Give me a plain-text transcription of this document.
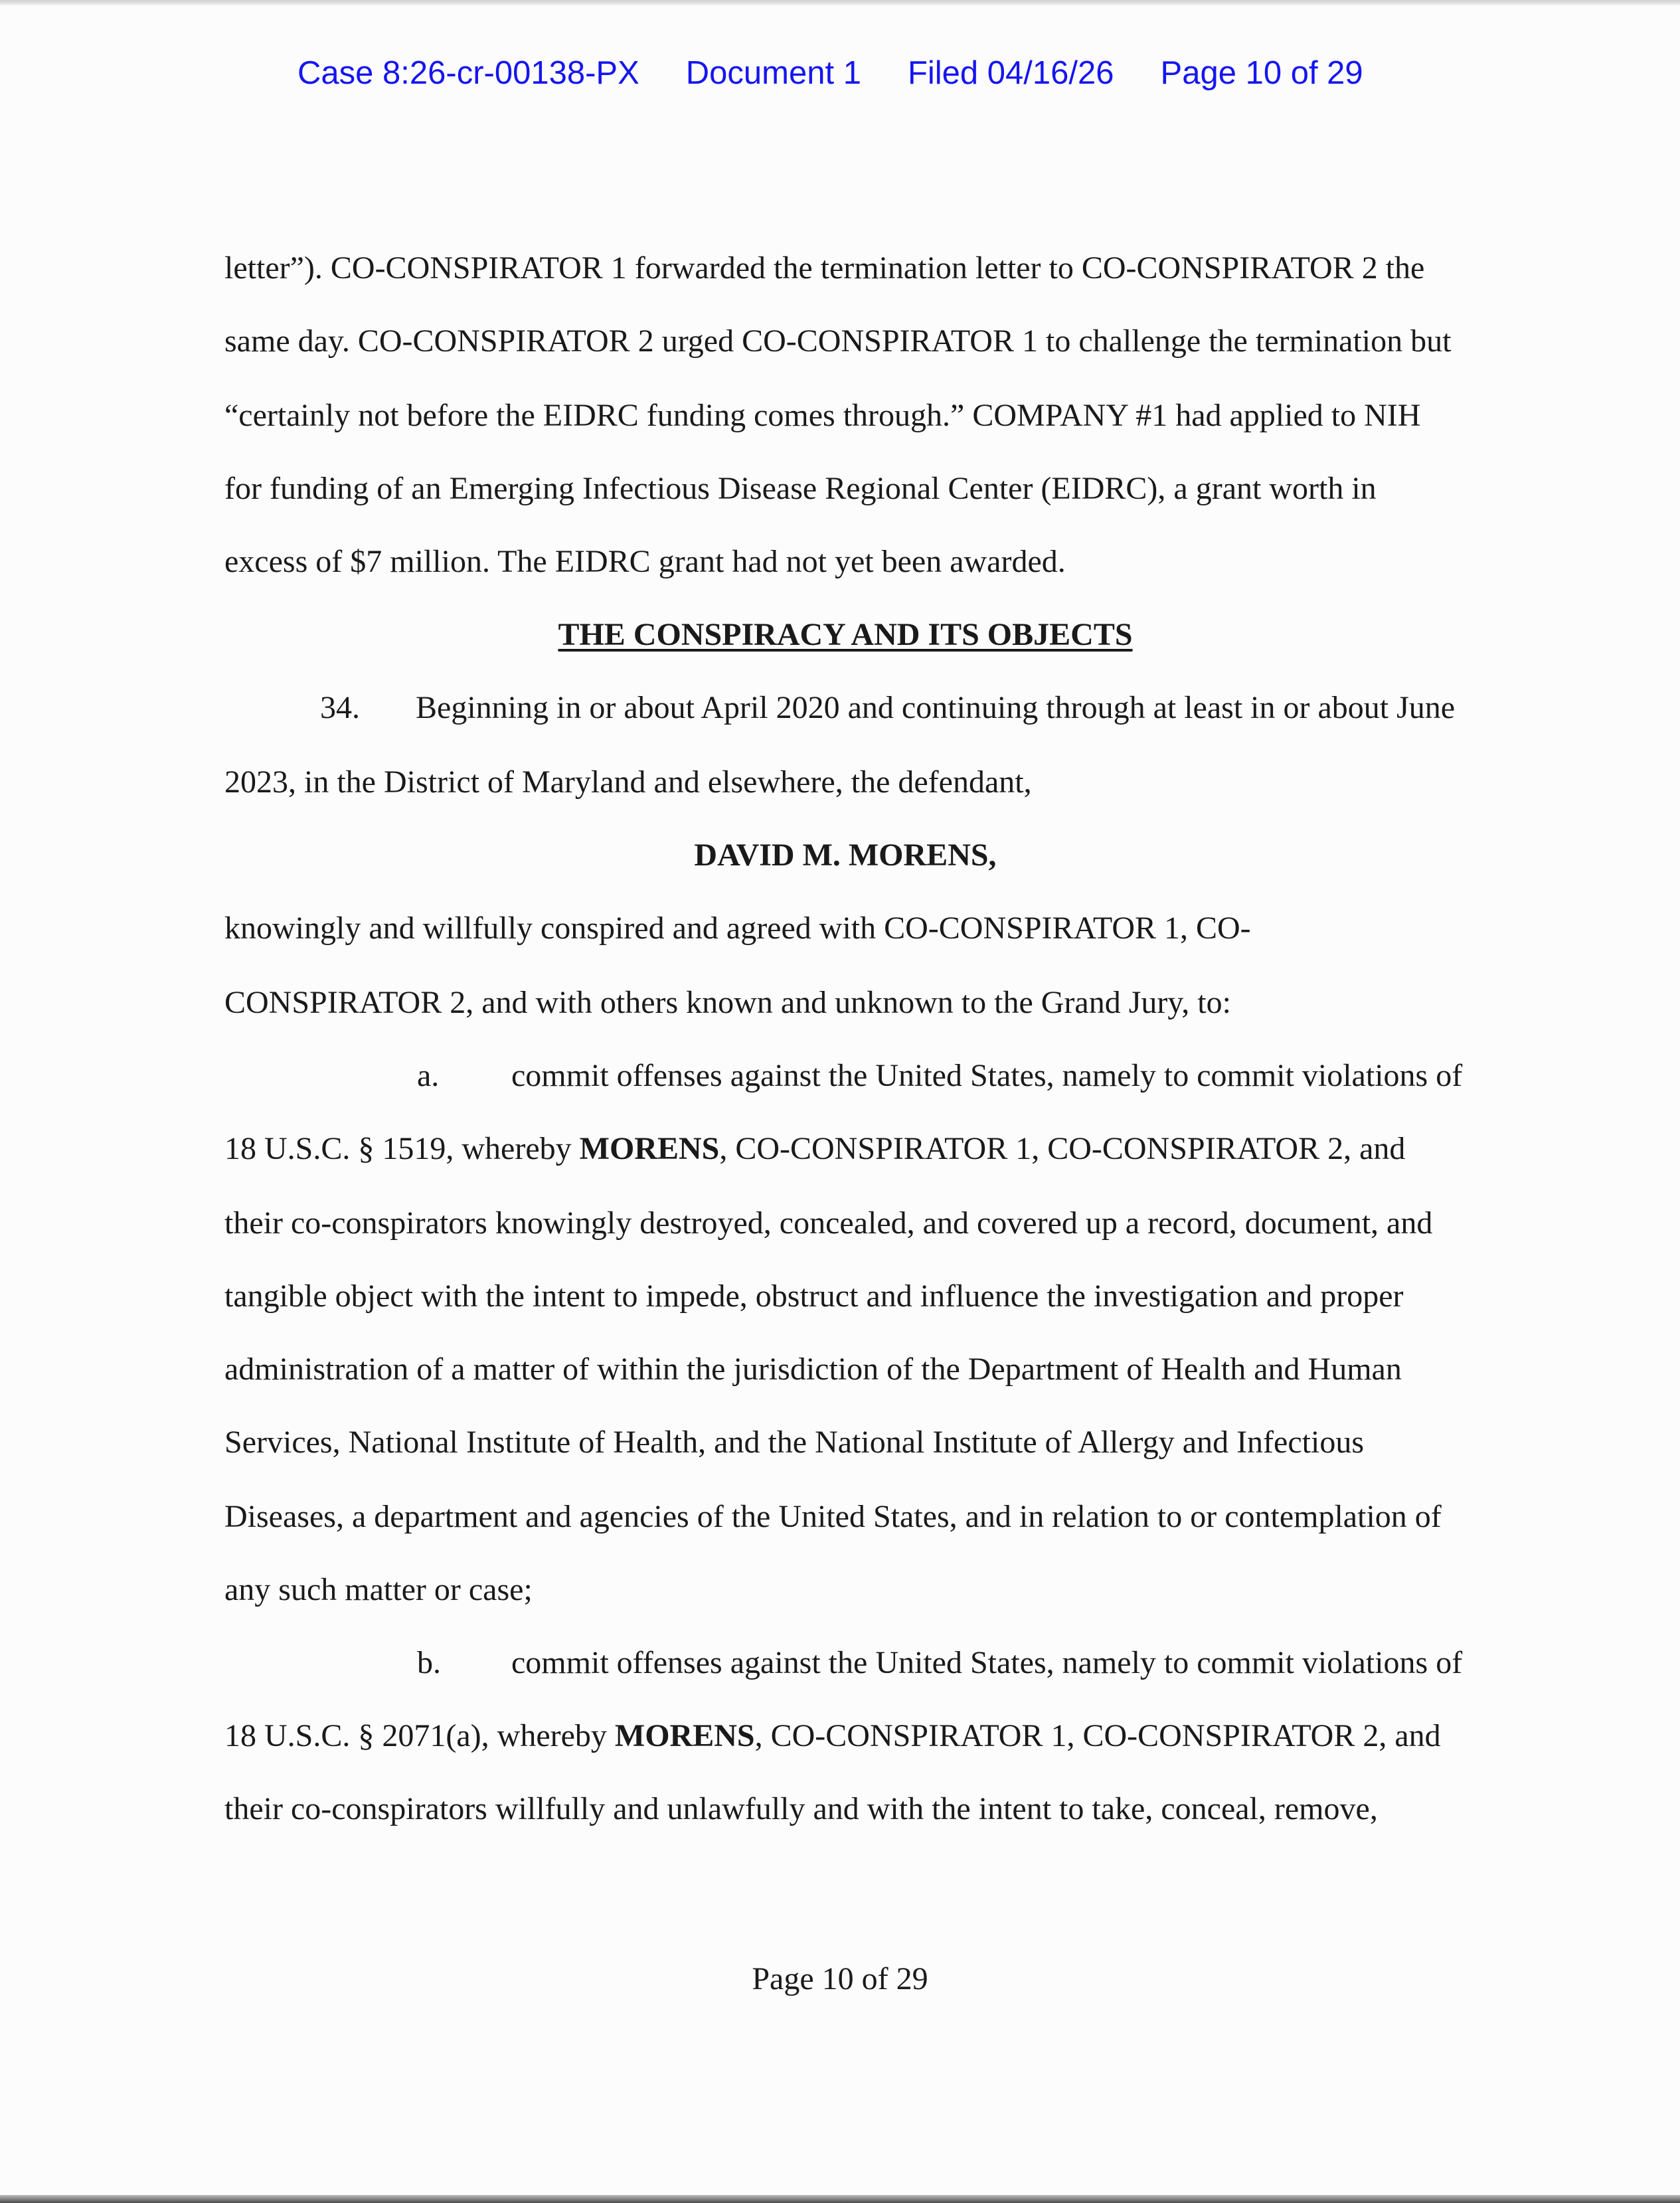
Case 8:26-cr-00138-PX Document 1 Filed 04/16/26 Page 10 of 29
letter”). CO-CONSPIRATOR 1 forwarded the termination letter to CO-CONSPIRATOR 2 the
same day. CO-CONSPIRATOR 2 urged CO-CONSPIRATOR 1 to challenge the termination but
“certainly not before the EIDRC funding comes through.” COMPANY #1 had applied to NIH
for funding of an Emerging Infectious Disease Regional Center (EIDRC), a grant worth in
excess of $7 million. The EIDRC grant had not yet been awarded.
THE CONSPIRACY AND ITS OBJECTS
34. Beginning in or about April 2020 and continuing through at least in or about June
2023, in the District of Maryland and elsewhere, the defendant,
DAVID M. MORENS,
knowingly and willfully conspired and agreed with CO-CONSPIRATOR 1, CO-
CONSPIRATOR 2, and with others known and unknown to the Grand Jury, to:
a. commit offenses against the United States, namely to commit violations of
18 U.S.C. § 1519, whereby MORENS, CO-CONSPIRATOR 1, CO-CONSPIRATOR 2, and
their co-conspirators knowingly destroyed, concealed, and covered up a record, document, and
tangible object with the intent to impede, obstruct and influence the investigation and proper
administration of a matter of within the jurisdiction of the Department of Health and Human
Services, National Institute of Health, and the National Institute of Allergy and Infectious
Diseases, a department and agencies of the United States, and in relation to or contemplation of
any such matter or case;
b. commit offenses against the United States, namely to commit violations of
18 U.S.C. § 2071(a), whereby MORENS, CO-CONSPIRATOR 1, CO-CONSPIRATOR 2, and
their co-conspirators willfully and unlawfully and with the intent to take, conceal, remove,
Page 10 of 29
